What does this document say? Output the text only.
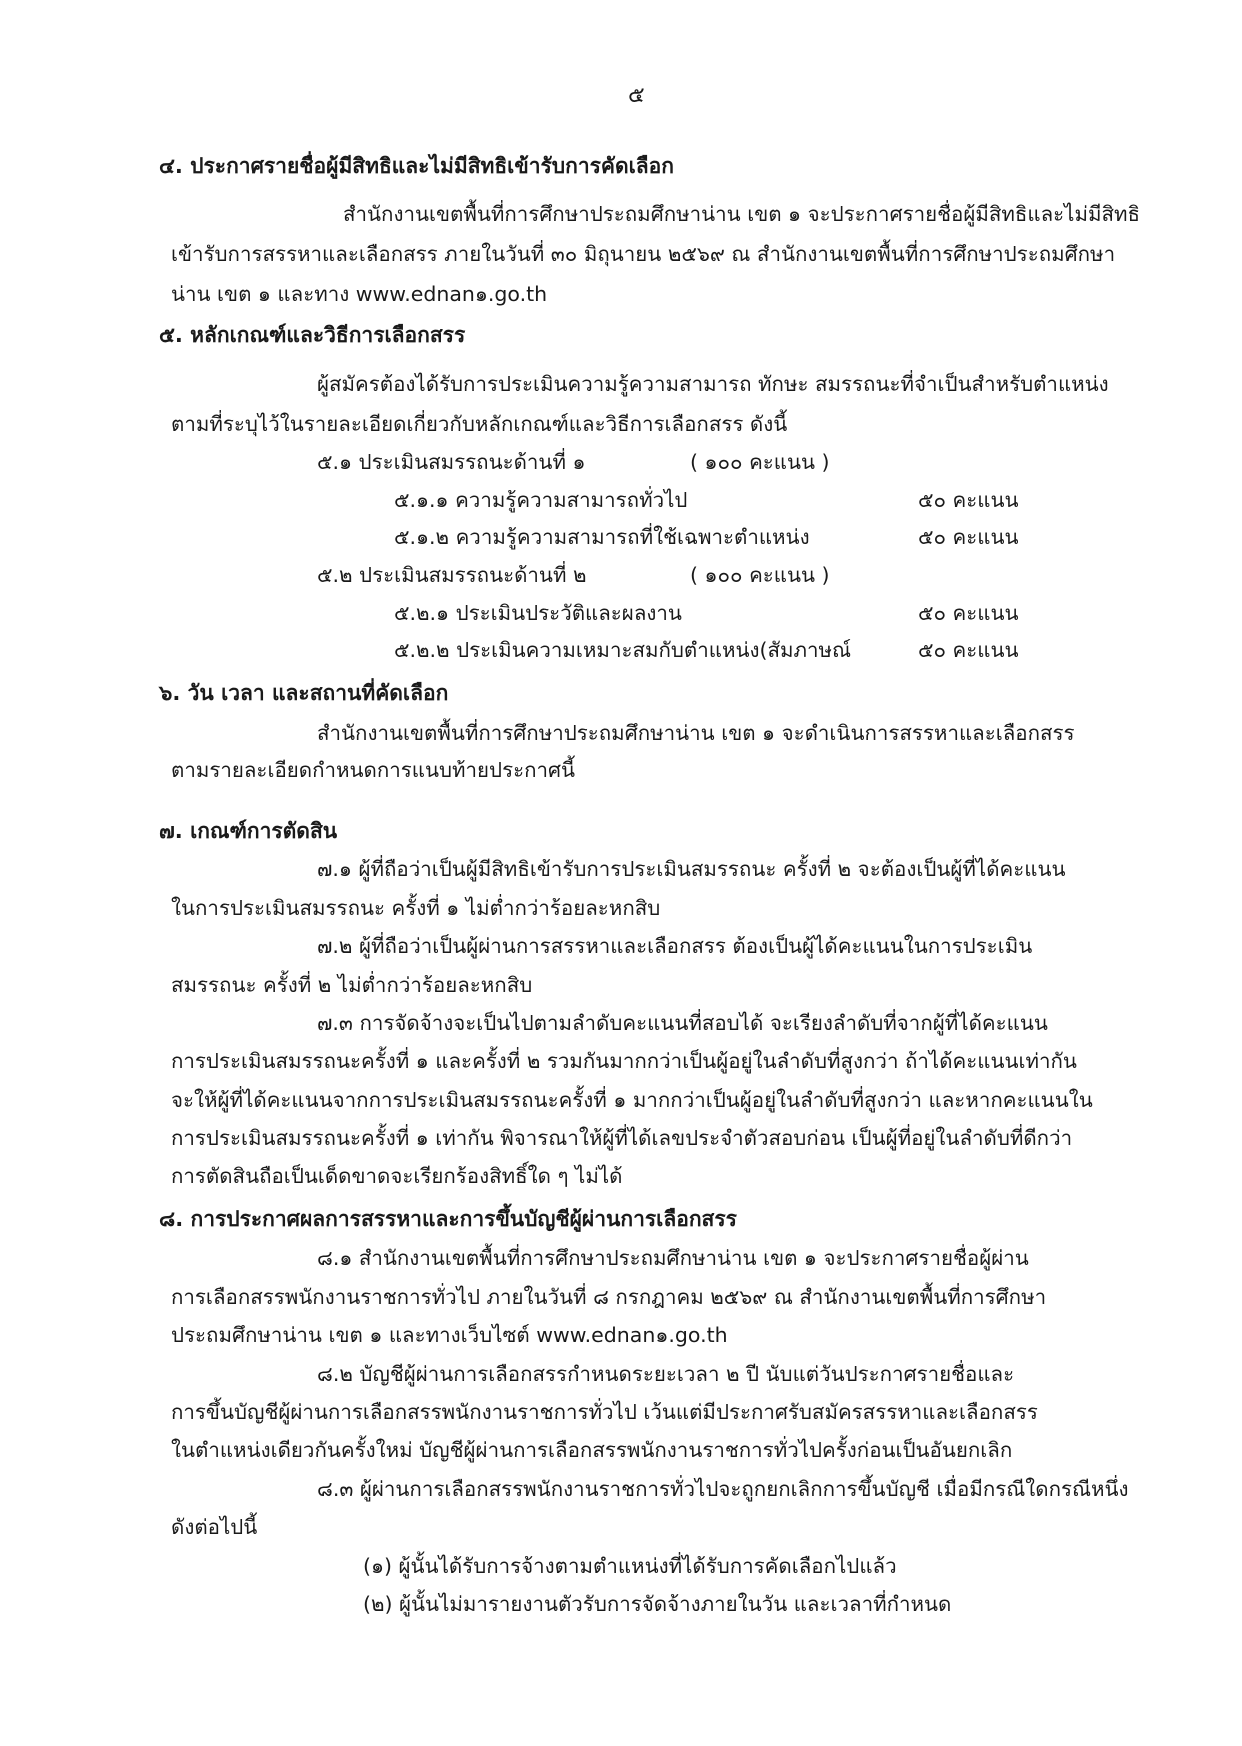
๕
๔. ประกาศรายชื่อผู้มีสิทธิและไม่มีสิทธิเข้ารับการคัดเลือก
สำนักงานเขตพื้นที่การศึกษาประถมศึกษาน่าน เขต ๑ จะประกาศรายชื่อผู้มีสิทธิและไม่มีสิทธิ
เข้ารับการสรรหาและเลือกสรร ภายในวันที่ ๓๐ มิถุนายน ๒๕๖๙ ณ สำนักงานเขตพื้นที่การศึกษาประถมศึกษา
น่าน เขต ๑ และทาง www.ednan๑.go.th
๕. หลักเกณฑ์และวิธีการเลือกสรร
ผู้สมัครต้องได้รับการประเมินความรู้ความสามารถ ทักษะ สมรรถนะที่จำเป็นสำหรับตำแหน่ง
ตามที่ระบุไว้ในรายละเอียดเกี่ยวกับหลักเกณฑ์และวิธีการเลือกสรร ดังนี้
๕.๑ ประเมินสมรรถนะด้านที่ ๑	( ๑๐๐ คะแนน )
๕.๑.๑ ความรู้ความสามารถทั่วไป	๕๐ คะแนน
๕.๑.๒ ความรู้ความสามารถที่ใช้เฉพาะตำแหน่ง	๕๐ คะแนน
๕.๒ ประเมินสมรรถนะด้านที่ ๒	( ๑๐๐ คะแนน )
๕.๒.๑ ประเมินประวัติและผลงาน	๕๐ คะแนน
๕.๒.๒ ประเมินความเหมาะสมกับตำแหน่ง(สัมภาษณ์	๕๐ คะแนน
๖. วัน เวลา และสถานที่คัดเลือก
สำนักงานเขตพื้นที่การศึกษาประถมศึกษาน่าน เขต ๑ จะดำเนินการสรรหาและเลือกสรร
ตามรายละเอียดกำหนดการแนบท้ายประกาศนี้
๗. เกณฑ์การตัดสิน
๗.๑ ผู้ที่ถือว่าเป็นผู้มีสิทธิเข้ารับการประเมินสมรรถนะ ครั้งที่ ๒ จะต้องเป็นผู้ที่ได้คะแนน
ในการประเมินสมรรถนะ ครั้งที่ ๑ ไม่ต่ำกว่าร้อยละหกสิบ
๗.๒ ผู้ที่ถือว่าเป็นผู้ผ่านการสรรหาและเลือกสรร ต้องเป็นผู้ได้คะแนนในการประเมิน
สมรรถนะ ครั้งที่ ๒ ไม่ต่ำกว่าร้อยละหกสิบ
๗.๓ การจัดจ้างจะเป็นไปตามลำดับคะแนนที่สอบได้ จะเรียงลำดับที่จากผู้ที่ได้คะแนน
การประเมินสมรรถนะครั้งที่ ๑ และครั้งที่ ๒ รวมกันมากกว่าเป็นผู้อยู่ในลำดับที่สูงกว่า ถ้าได้คะแนนเท่ากัน
จะให้ผู้ที่ได้คะแนนจากการประเมินสมรรถนะครั้งที่ ๑ มากกว่าเป็นผู้อยู่ในลำดับที่สูงกว่า และหากคะแนนใน
การประเมินสมรรถนะครั้งที่ ๑ เท่ากัน พิจารณาให้ผู้ที่ได้เลขประจำตัวสอบก่อน เป็นผู้ที่อยู่ในลำดับที่ดีกว่า
การตัดสินถือเป็นเด็ดขาดจะเรียกร้องสิทธิ์ใด ๆ ไม่ได้
๘. การประกาศผลการสรรหาและการขึ้นบัญชีผู้ผ่านการเลือกสรร
๘.๑ สำนักงานเขตพื้นที่การศึกษาประถมศึกษาน่าน เขต ๑ จะประกาศรายชื่อผู้ผ่าน
การเลือกสรรพนักงานราชการทั่วไป ภายในวันที่ ๘ กรกฎาคม ๒๕๖๙ ณ สำนักงานเขตพื้นที่การศึกษา
ประถมศึกษาน่าน เขต ๑ และทางเว็บไซต์ www.ednan๑.go.th
๘.๒ บัญชีผู้ผ่านการเลือกสรรกำหนดระยะเวลา ๒ ปี นับแต่วันประกาศรายชื่อและ
การขึ้นบัญชีผู้ผ่านการเลือกสรรพนักงานราชการทั่วไป เว้นแต่มีประกาศรับสมัครสรรหาและเลือกสรร
ในตำแหน่งเดียวกันครั้งใหม่ บัญชีผู้ผ่านการเลือกสรรพนักงานราชการทั่วไปครั้งก่อนเป็นอันยกเลิก
๘.๓ ผู้ผ่านการเลือกสรรพนักงานราชการทั่วไปจะถูกยกเลิกการขึ้นบัญชี เมื่อมีกรณีใดกรณีหนึ่ง
ดังต่อไปนี้
(๑) ผู้นั้นได้รับการจ้างตามตำแหน่งที่ได้รับการคัดเลือกไปแล้ว
(๒) ผู้นั้นไม่มารายงานตัวรับการจัดจ้างภายในวัน และเวลาที่กำหนด
